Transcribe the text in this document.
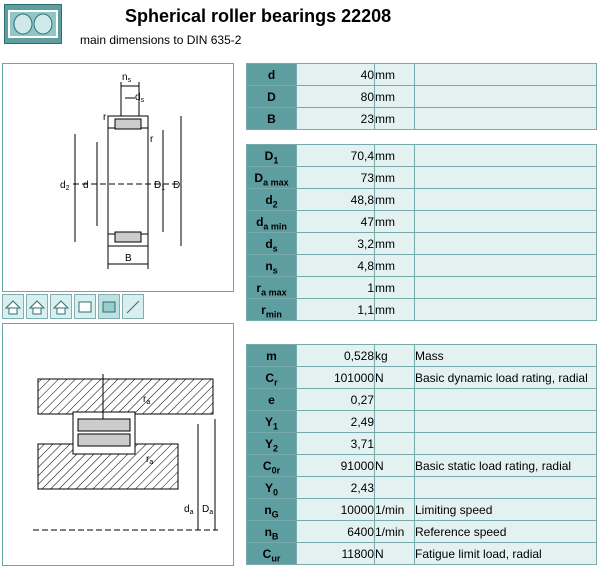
Spherical roller bearings 22208
main dimensions to DIN 635-2
$n_s$
$d_s$
r
r
$d_2$ d	$D_1$ D
B
$r_a$
$r_a$
$d_a$ $D_a$
d	40	mm	
D	80	mm	
B	23	mm	
$D_1$	70,4	mm	
$D_{a max}$	73	mm	
$d_2$	48,8	mm	
$d_{a min}$	47	mm	
$d_s$	3,2	mm	
$n_s$	4,8	mm	
$r_{a max}$	1	mm	
$r_{min}$	1,1	mm	
m	0,528	kg	Mass
$C_r$	101000	N	Basic dynamic load rating, radial
e	0,27		
$Y_1$	2,49		
$Y_2$	3,71		
$C_{0r}$	91000	N	Basic static load rating, radial
$Y_0$	2,43		
$n_G$	10000	1/min	Limiting speed
$n_B$	6400	1/min	Reference speed
$C_{ur}$	11800	N	Fatigue limit load, radial
